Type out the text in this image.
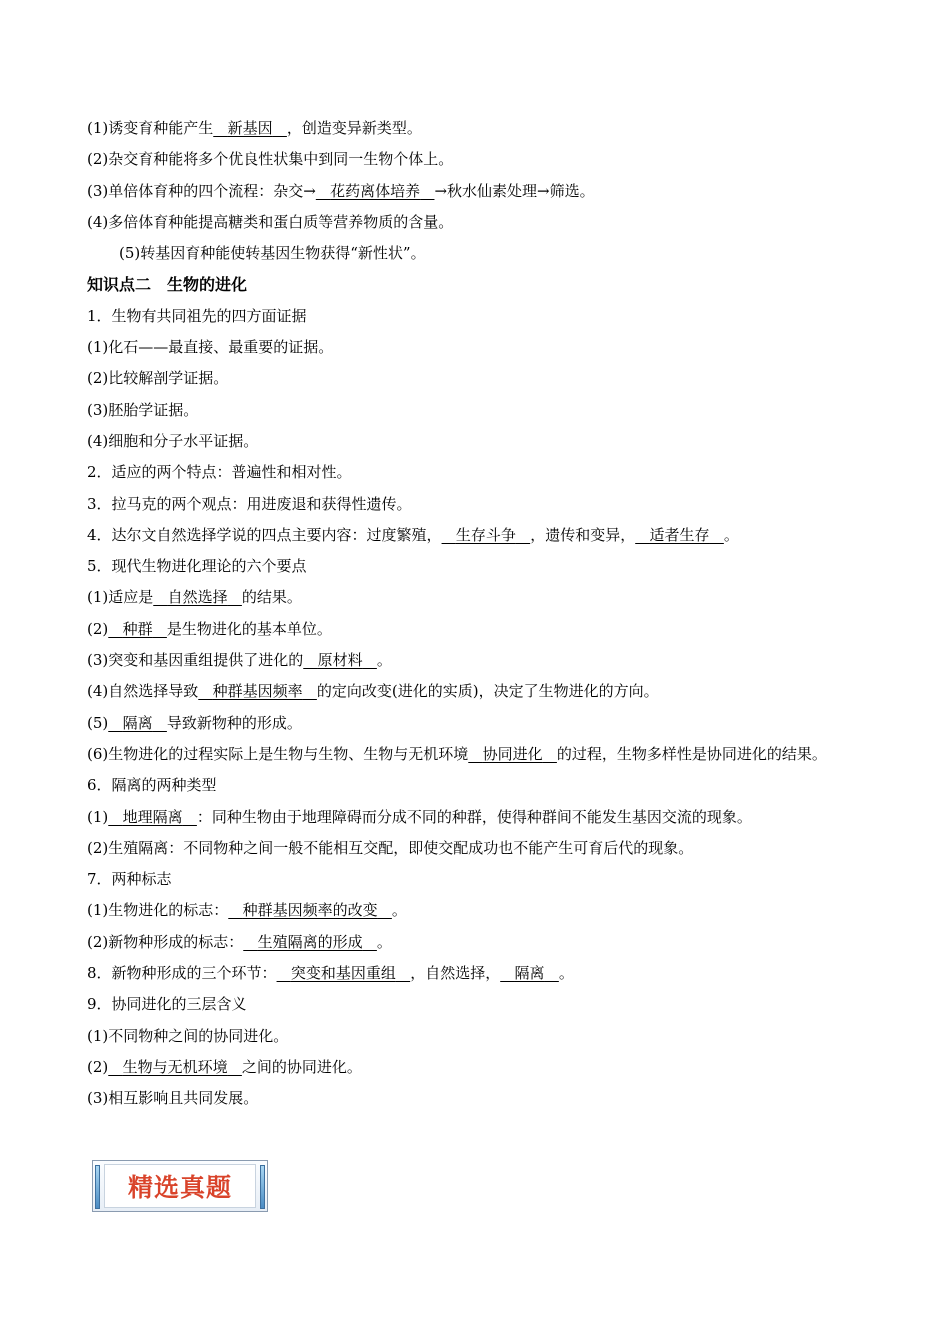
(1)诱变育种能产生 新基因 ，创造变异新类型。
(2)杂交育种能将多个优良性状集中到同一生物个体上。
(3)单倍体育种的四个流程：杂交→ 花药离体培养 →秋水仙素处理→筛选。
(4)多倍体育种能提高糖类和蛋白质等营养物质的含量。
(5)转基因育种能使转基因生物获得“新性状”。
知识点二　生物的进化
1．生物有共同祖先的四方面证据
(1)化石——最直接、最重要的证据。
(2)比较解剖学证据。
(3)胚胎学证据。
(4)细胞和分子水平证据。
2．适应的两个特点：普遍性和相对性。
3．拉马克的两个观点：用进废退和获得性遗传。
4．达尔文自然选择学说的四点主要内容：过度繁殖， 生存斗争 ，遗传和变异， 适者生存 。
5．现代生物进化理论的六个要点
(1)适应是 自然选择 的结果。
(2) 种群 是生物进化的基本单位。
(3)突变和基因重组提供了进化的 原材料 。
(4)自然选择导致 种群基因频率 的定向改变(进化的实质)，决定了生物进化的方向。
(5) 隔离 导致新物种的形成。
(6)生物进化的过程实际上是生物与生物、生物与无机环境 协同进化 的过程，生物多样性是协同进化的结果。
6．隔离的两种类型
(1) 地理隔离 ：同种生物由于地理障碍而分成不同的种群，使得种群间不能发生基因交流的现象。
(2)生殖隔离：不同物种之间一般不能相互交配，即使交配成功也不能产生可育后代的现象。
7．两种标志
(1)生物进化的标志： 种群基因频率的改变 。
(2)新物种形成的标志： 生殖隔离的形成 。
8．新物种形成的三个环节： 突变和基因重组 ，自然选择， 隔离 。
9．协同进化的三层含义
(1)不同物种之间的协同进化。
(2) 生物与无机环境 之间的协同进化。
(3)相互影响且共同发展。
精选真题
